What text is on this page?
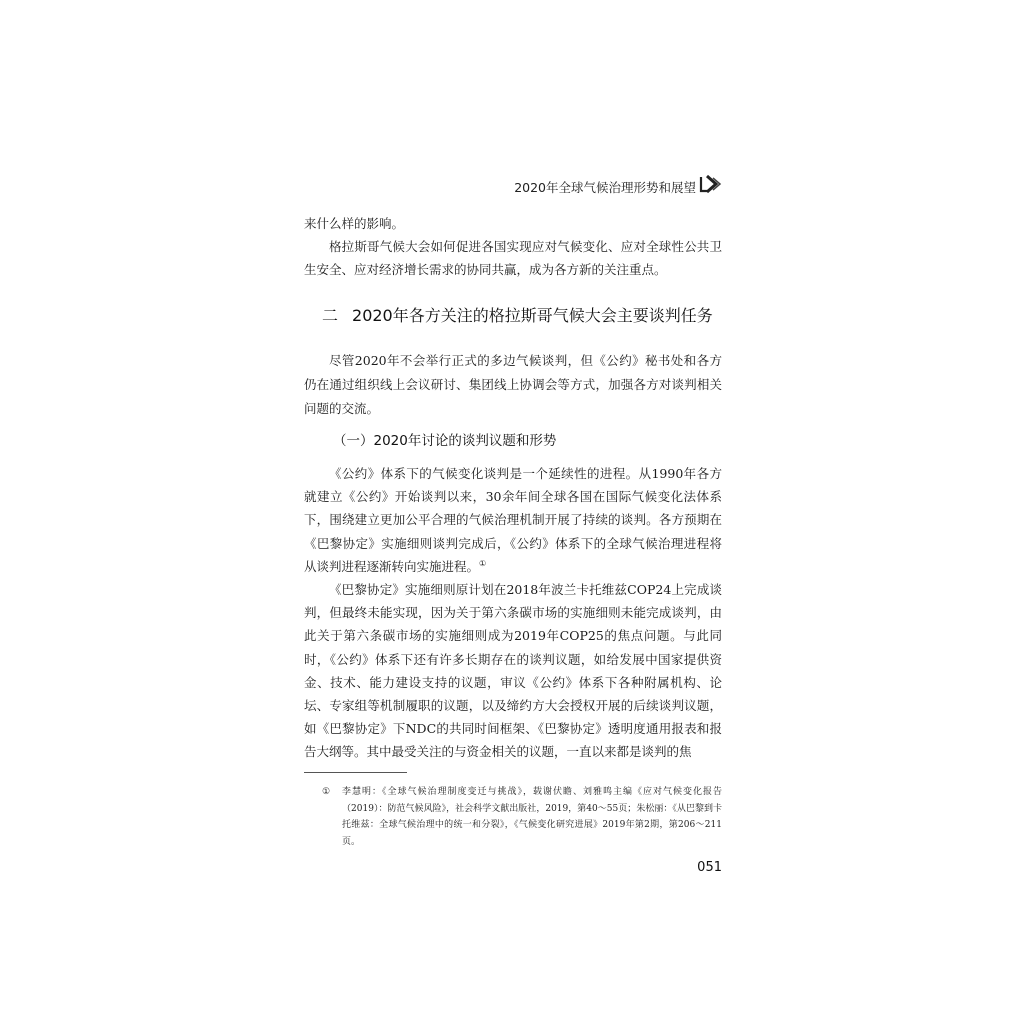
2020年全球气候治理形势和展望

来什么样的影响。

格拉斯哥气候大会如何促进各国实现应对气候变化、应对全球性公共卫生安全、应对经济增长需求的协同共赢，成为各方新的关注重点。

二 2020年各方关注的格拉斯哥气候大会主要谈判任务

尽管2020年不会举行正式的多边气候谈判，但《公约》秘书处和各方仍在通过组织线上会议研讨、集团线上协调会等方式，加强各方对谈判相关问题的交流。

（一）2020年讨论的谈判议题和形势

《公约》体系下的气候变化谈判是一个延续性的进程。从1990年各方就建立《公约》开始谈判以来，30余年间全球各国在国际气候变化法体系下，围绕建立更加公平合理的气候治理机制开展了持续的谈判。各方预期在《巴黎协定》实施细则谈判完成后，《公约》体系下的全球气候治理进程将从谈判进程逐渐转向实施进程。①

《巴黎协定》实施细则原计划在2018年波兰卡托维兹COP24上完成谈判，但最终未能实现，因为关于第六条碳市场的实施细则未能完成谈判，由此关于第六条碳市场的实施细则成为2019年COP25的焦点问题。与此同时，《公约》体系下还有许多长期存在的谈判议题，如给发展中国家提供资金、技术、能力建设支持的议题，审议《公约》体系下各种附属机构、论坛、专家组等机制履职的议题，以及缔约方大会授权开展的后续谈判议题，如《巴黎协定》下NDC的共同时间框架、《巴黎协定》透明度通用报表和报告大纲等。其中最受关注的与资金相关的议题，一直以来都是谈判的焦

① 李慧明：《全球气候治理制度变迁与挑战》，载谢伏瞻、刘雅鸣主编《应对气候变化报告（2019）：防范气候风险》，社会科学文献出版社，2019，第40～55页；朱松丽：《从巴黎到卡托维兹：全球气候治理中的统一和分裂》，《气候变化研究进展》2019年第2期，第206～211页。
051
